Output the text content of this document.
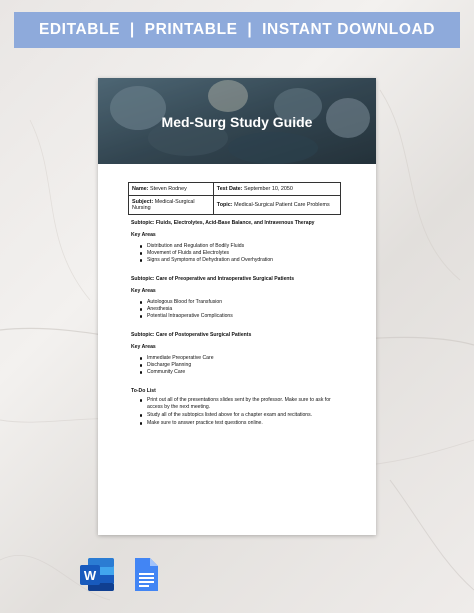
EDITABLE  |  PRINTABLE  |  INSTANT DOWNLOAD
Med-Surg Study Guide
Name: Steven Rodney	Test Date: September 10, 2050
Subject: Medical-Surgical Nursing	Topic: Medical-Surgical Patient Care Problems
Subtopic: Fluids, Electrolytes, Acid-Base Balance, and Intravenous Therapy
Key Areas
Distribution and Regulation of Bodily Fluids
Movement of Fluids and Electrolytes
Signs and Symptoms of Dehydration and Overhydration
Subtopic: Care of Preoperative and Intraoperative Surgical Patients
Key Areas
Autologous Blood for Transfusion
Anesthesia
Potential Intraoperative Complications
Subtopic: Care of Postoperative Surgical Patients
Key Areas
Immediate Preoperative Care
Discharge Planning
Community Care
To-Do List
Print out all of the presentations slides sent by the professor. Make sure to ask for access by the next meeting.
Study all of the subtopics listed above for a chapter exam and recitations.
Make sure to answer practice test questions online.
W
